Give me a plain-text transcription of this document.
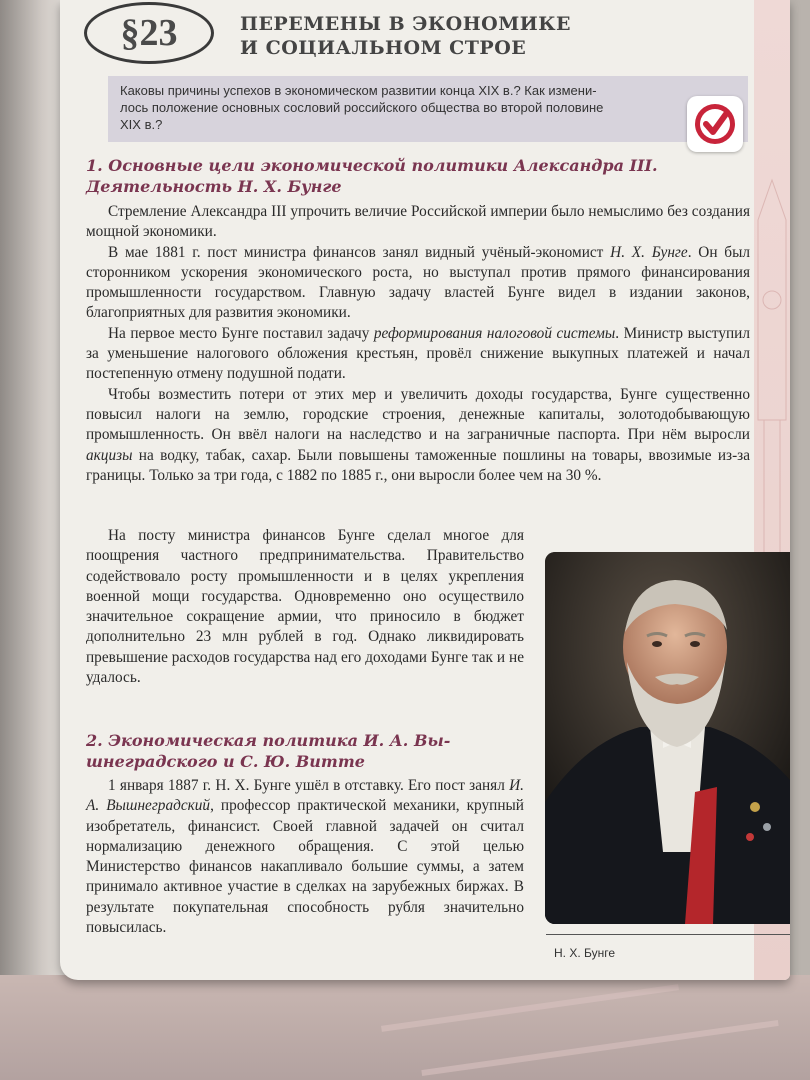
§23	ПЕРЕМЕНЫ В ЭКОНОМИКЕ
И СОЦИАЛЬНОМ СТРОЕ
Каковы причины успехов в экономическом развитии конца XIX в.? Как измени-
лось положение основных сословий российского общества во второй половине
XIX в.?
1. Основные цели экономической политики Александра III.
Деятельность Н. Х. Бунге

Стремление Александра III упрочить величие Российской империи было немыслимо без создания мощной экономики.

В мае 1881 г. пост министра финансов занял видный учёный-экономист Н. Х. Бунге. Он был сторонником ускорения экономического роста, но выступал против прямого финансирования промышленности государством. Главную задачу властей Бунге видел в издании законов, благоприятных для развития экономики.

На первое место Бунге поставил задачу реформирования налоговой системы. Министр выступил за уменьшение налогового обложения крестьян, провёл снижение выкупных платежей и начал постепенную отмену подушной подати.

Чтобы возместить потери от этих мер и увеличить доходы государства, Бунге существенно повысил налоги на землю, городские строения, денежные капиталы, золотодобывающую промышленность. Он ввёл налоги на наследство и на заграничные паспорта. При нём выросли акцизы на водку, табак, сахар. Были повышены таможенные пошлины на товары, ввозимые из-за границы. Только за три года, с 1882 по 1885 г., они выросли более чем на 30 %.

На посту министра финансов Бунге сделал многое для поощрения частного предпринимательства. Правительство содействовало росту промышленности и в целях укрепления военной мощи государства. Одновременно оно осуществило значительное сокращение армии, что приносило в бюджет дополнительно 23 млн рублей в год. Однако ликвидировать превышение расходов государства над его доходами Бунге так и не удалось.

2. Экономическая политика И. А. Вы-
шнеградского и С. Ю. Витте

1 января 1887 г. Н. Х. Бунге ушёл в отставку. Его пост занял И. А. Вышнеградский, профессор практической механики, крупный изобретатель, финансист. Своей главной задачей он считал нормализацию денежного обращения. С этой целью Министерство финансов накапливало большие суммы, а затем принимало активное участие в сделках на зарубежных биржах. В результате покупательная способность рубля значительно повысилась.

Н. Х. Бунге
